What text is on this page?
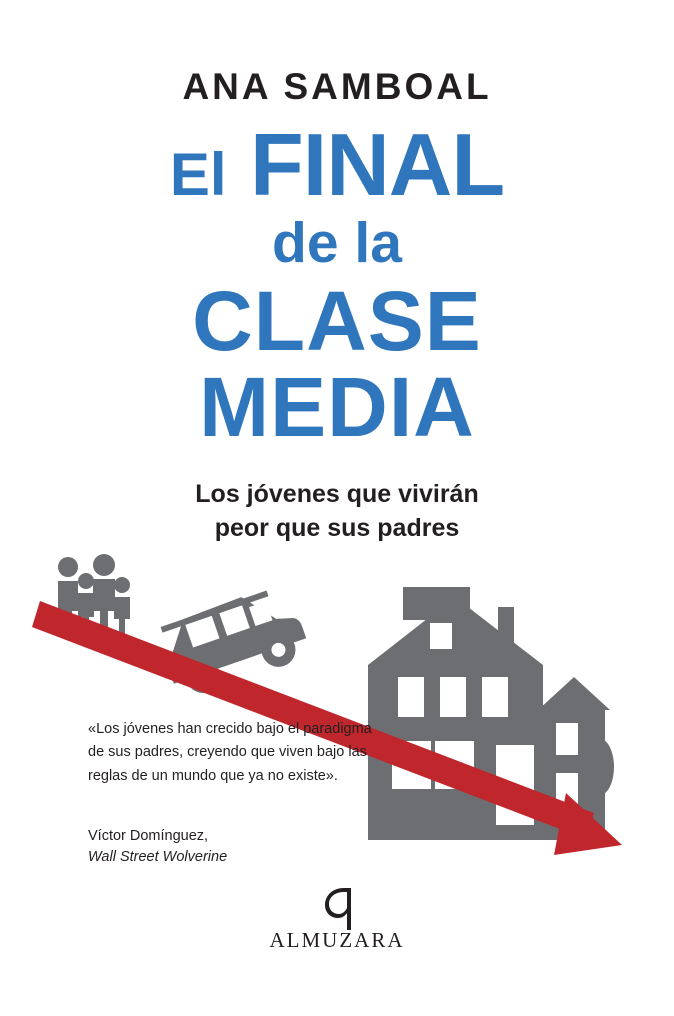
ANA SAMBOAL
El FINAL
de la
CLASE
MEDIA
Los jóvenes que vivirán
peor que sus padres
«Los jóvenes han crecido bajo el paradigma de sus padres, creyendo que viven bajo las reglas de un mundo que ya no existe».
Víctor Domínguez,
Wall Street Wolverine
ALMUZARA
